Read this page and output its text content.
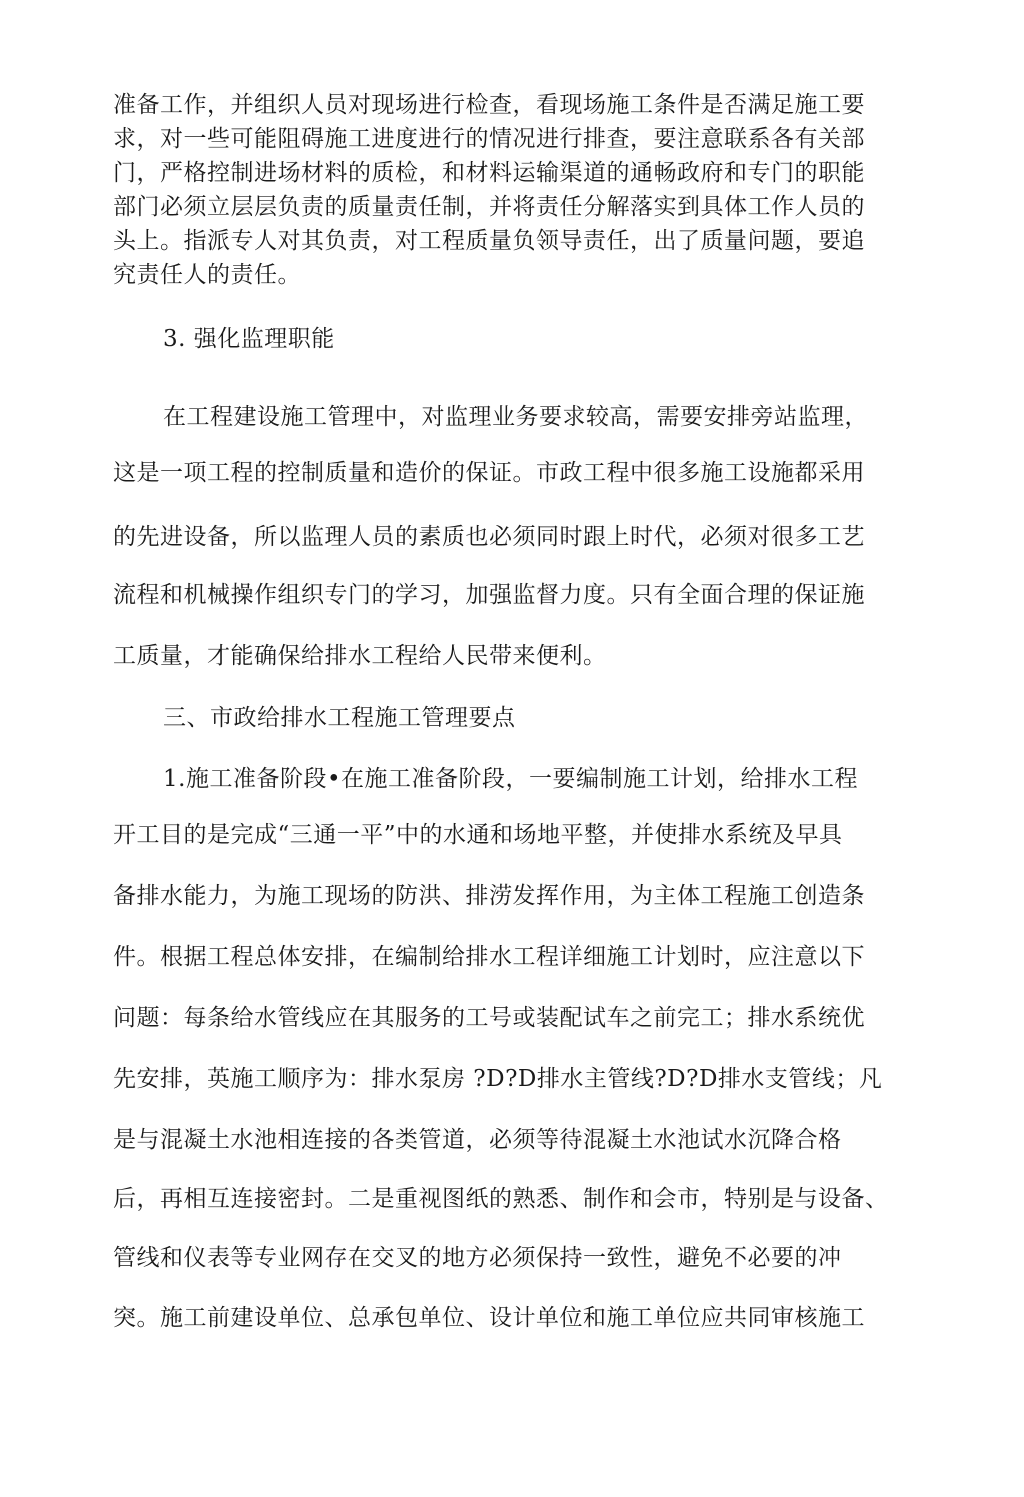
准备工作，并组织人员对现场进行检查，看现场施工条件是否满足施工要
求，对一些可能阻碍施工进度进行的情况进行排查，要注意联系各有关部
门，严格控制进场材料的质检，和材料运输渠道的通畅政府和专门的职能
部门必须立层层负责的质量责任制，并将责任分解落实到具体工作人员的
头上。指派专人对其负责，对工程质量负领导责任，出了质量问题，要追
究责任人的责任。
3. 强化监理职能
在工程建设施工管理中，对监理业务要求较高，需要安排旁站监理，
这是一项工程的控制质量和造价的保证。市政工程中很多施工设施都采用
的先进设备，所以监理人员的素质也必须同时跟上时代，必须对很多工艺
流程和机械操作组织专门的学习，加强监督力度。只有全面合理的保证施
工质量，才能确保给排水工程给人民带来便利。
三、市政给排水工程施工管理要点
1.施工准备阶段•在施工准备阶段，一要编制施工计划，给排水工程
开工目的是完成“三通一平”中的水通和场地平整，并使排水系统及早具
备排水能力，为施工现场的防洪、排涝发挥作用，为主体工程施工创造条
件。根据工程总体安排，在编制给排水工程详细施工计划时，应注意以下
问题：每条给水管线应在其服务的工号或装配试车之前完工；排水系统优
先安排，英施工顺序为：排水泵房 ?D?D排水主管线?D?D排水支管线；凡
是与混凝土水池相连接的各类管道，必须等待混凝土水池试水沉降合格
后，再相互连接密封。二是重视图纸的熟悉、制作和会市，特别是与设备、
管线和仪表等专业网存在交叉的地方必须保持一致性，避免不必要的冲
突。施工前建设单位、总承包单位、设计单位和施工单位应共同审核施工
